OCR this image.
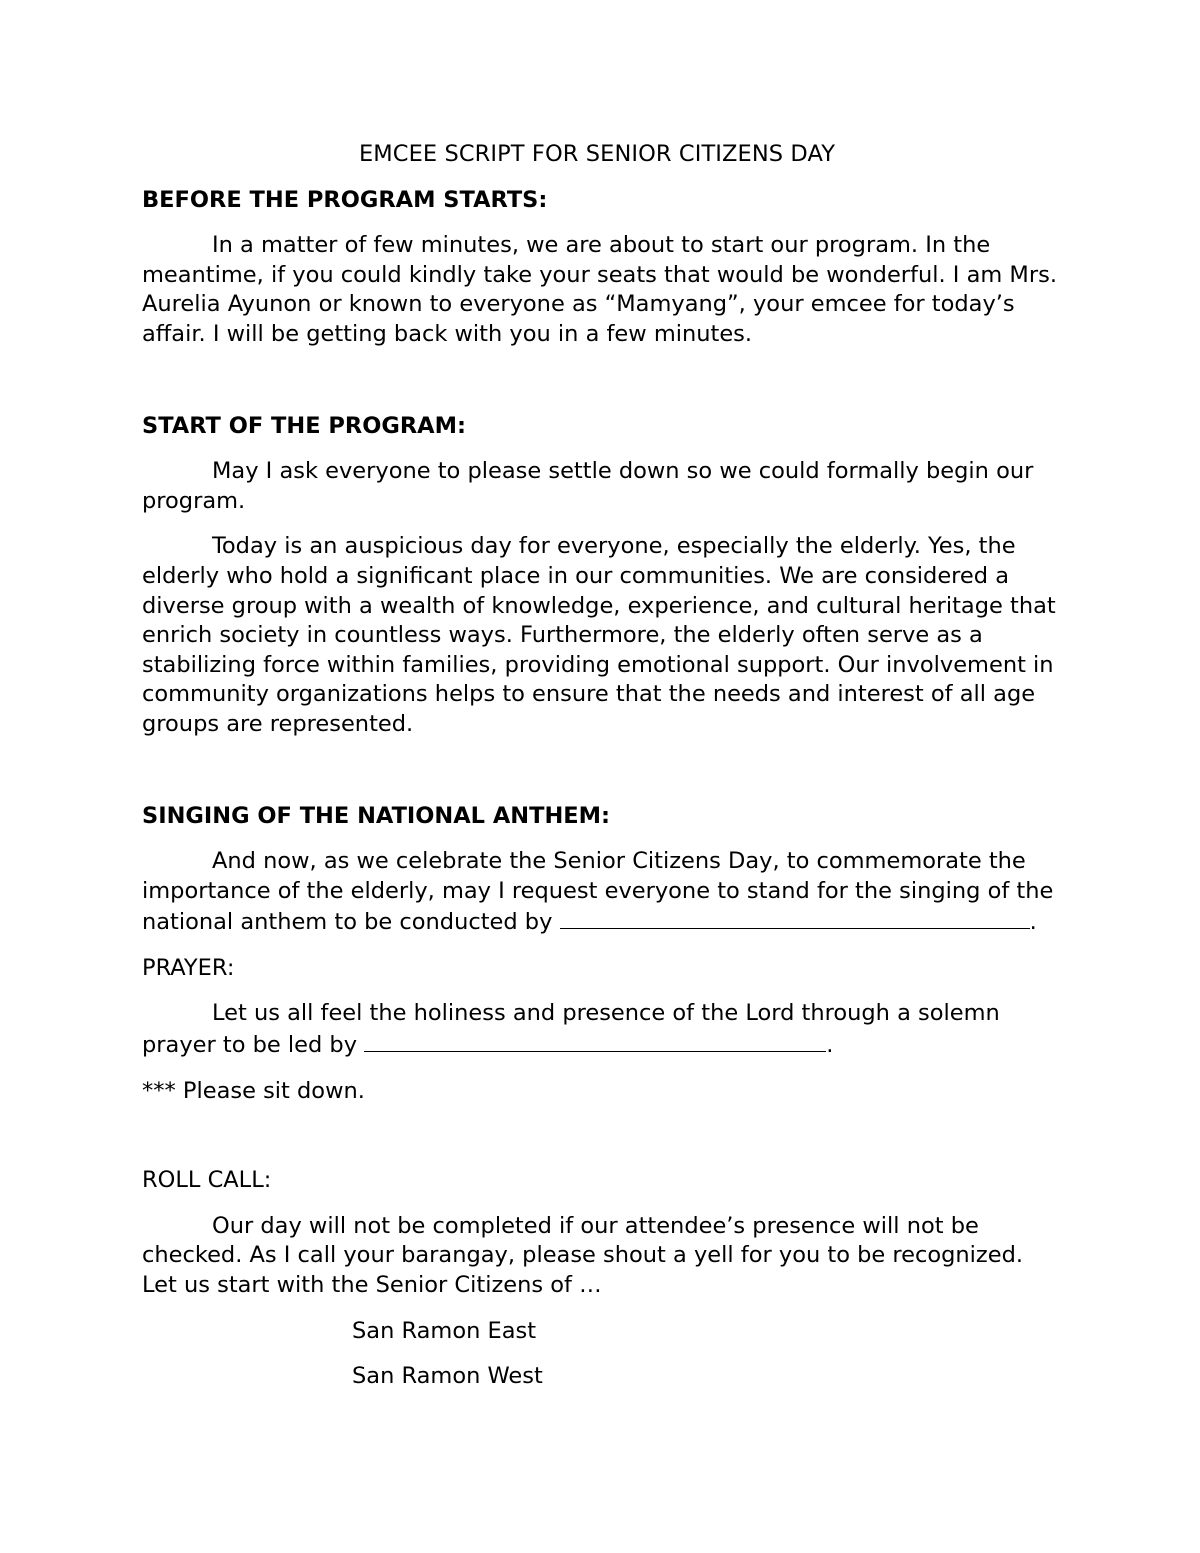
EMCEE SCRIPT FOR SENIOR CITIZENS DAY
BEFORE THE PROGRAM STARTS:
In a matter of few minutes, we are about to start our program. In the meantime, if you could kindly take your seats that would be wonderful. I am Mrs. Aurelia Ayunon or known to everyone as “Mamyang”, your emcee for today’s affair. I will be getting back with you in a few minutes.
START OF THE PROGRAM:
May I ask everyone to please settle down so we could formally begin our program.
Today is an auspicious day for everyone, especially the elderly. Yes, the elderly who hold a significant place in our communities. We are considered a diverse group with a wealth of knowledge, experience, and cultural heritage that enrich society in countless ways. Furthermore, the elderly often serve as a stabilizing force within families, providing emotional support. Our involvement in community organizations helps to ensure that the needs and interest of all age groups are represented.
SINGING OF THE NATIONAL ANTHEM:
And now, as we celebrate the Senior Citizens Day, to commemorate the importance of the elderly, may I request everyone to stand for the singing of the national anthem to be conducted by	.
PRAYER:
Let us all feel the holiness and presence of the Lord through a solemn prayer to be led by	.
*** Please sit down.
ROLL CALL:
Our day will not be completed if our attendee’s presence will not be checked. As I call your barangay, please shout a yell for you to be recognized. Let us start with the Senior Citizens of …
San Ramon East
San Ramon West
